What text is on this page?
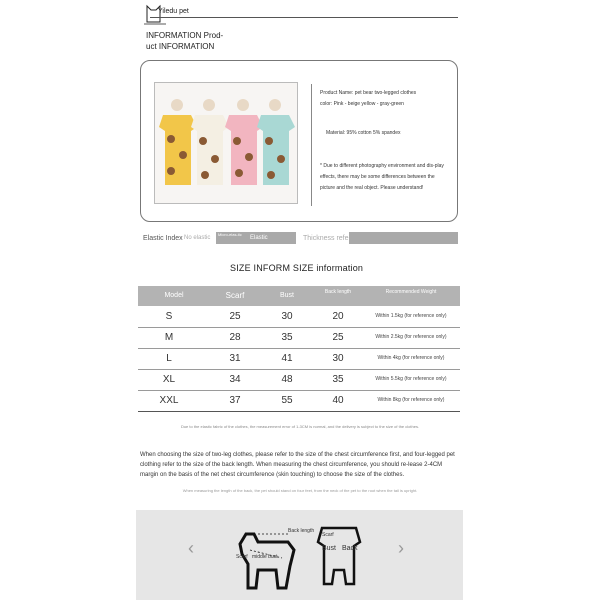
Yiledu pet
INFORMATION Prod-
uct INFORMATION
Product Name: pet bear two-legged clothes
color: Pink - beige yellow - gray-green
Material: 95% cotton 5% spandex
* Due to different photography environment and dis-play effects, there may be some differences between the picture and the real object. Please understand!
Elastic Index No elastic
Micro-elas-tic
Elastic	Thickness refe
SIZE INFORM SIZE information
Model	Scarf	Bust	Back length	Recommended Weight
S	25	30	20	Within 1.5kg (for reference only)
M	28	35	25	Within 2.5kg (for reference only)
L	31	41	30	Within 4kg (for reference only)
XL	34	48	35	Within 5.5kg (for reference only)
XXL	37	55	40	Within 8kg (for reference only)
Due to the elastic fabric of the clothes, the measurement error of 1-3CM is normal, and the delivery is subject to the size of the clothes.
When choosing the size of two-leg clothes, please refer to the size of the chest circumference first, and four-legged pet clothing refer to the size of the back length. When measuring the chest circumference, you should re-lease 2-4CM margin on the basis of the net chest circumference (skin touching) to choose the size of the clothes.
When measuring the length of the back, the pet should stand on four feet, from the neck of the pet to the root when the tail is upright.
‹	›
Back length
Scarf middle bust
Scarf
Bust Back
